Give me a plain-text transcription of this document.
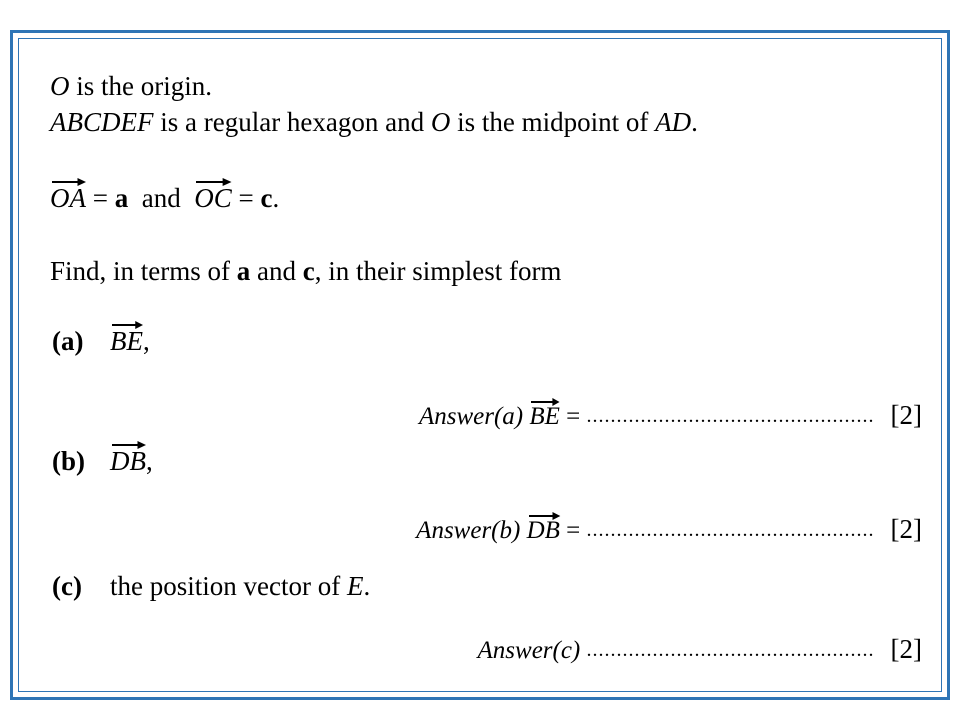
O is the origin.
ABCDEF is a regular hexagon and O is the midpoint of AD.
OA = a  and
OC = c.
Find, in terms of a and c, in their simplest form
(a) BE,
Answer(a) BE = ................................................ [2]
(b) DB,
Answer(b) DB = ................................................ [2]
(c) the position vector of E.
Answer(c) ................................................ [2]
